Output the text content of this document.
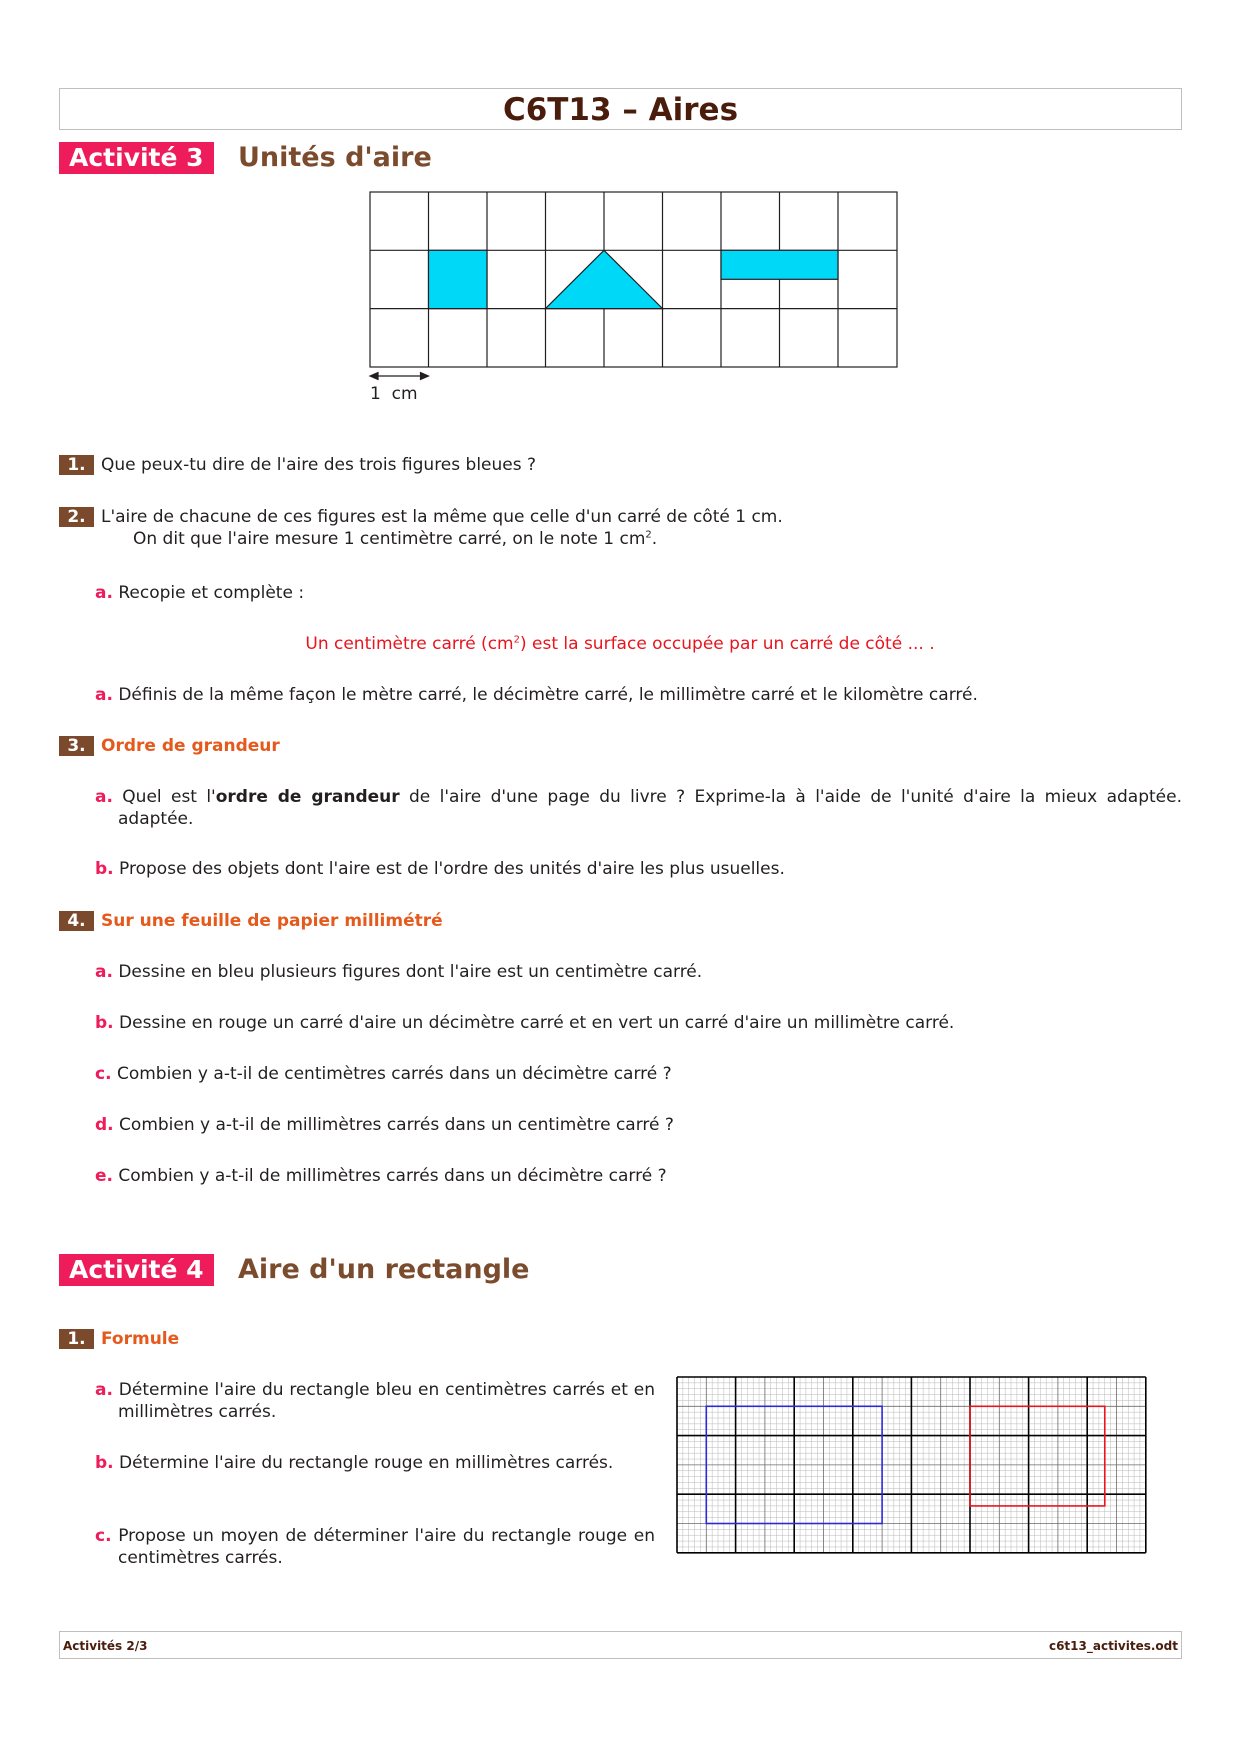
C6T13 – Aires
Activité 3	Unités d'aire
1  cm
1. Que peux-tu dire de l'aire des trois figures bleues ?
2. L'aire de chacune de ces figures est la même que celle d'un carré de côté 1 cm.
On dit que l'aire mesure 1 centimètre carré, on le note 1 $cm^2$.
a. Recopie et complète :
Un centimètre carré $(cm^2)$ est la surface occupée par un carré de côté ... .
a. Définis de la même façon le mètre carré, le décimètre carré, le millimètre carré et le kilomètre carré.
3. Ordre de grandeur
a. Quel est l'ordre de grandeur de l'aire d'une page du livre ? Exprime-la à l'aide de l'unité d'aire la mieux adaptée.
adaptée.
b. Propose des objets dont l'aire est de l'ordre des unités d'aire les plus usuelles.
4. Sur une feuille de papier millimétré
a. Dessine en bleu plusieurs figures dont l'aire est un centimètre carré.
b. Dessine en rouge un carré d'aire un décimètre carré et en vert un carré d'aire un millimètre carré.
c. Combien y a-t-il de centimètres carrés dans un décimètre carré ?
d. Combien y a-t-il de millimètres carrés dans un centimètre carré ?
e. Combien y a-t-il de millimètres carrés dans un décimètre carré ?
Activité 4	Aire d'un rectangle
1. Formule
a. Détermine l'aire du rectangle bleu en centimètres carrés et en millimètres carrés.
b. Détermine l'aire du rectangle rouge en millimètres carrés.
c. Propose un moyen de déterminer l'aire du rectangle rouge en centimètres carrés.
Activités 2/3	c6t13_activites.odt
